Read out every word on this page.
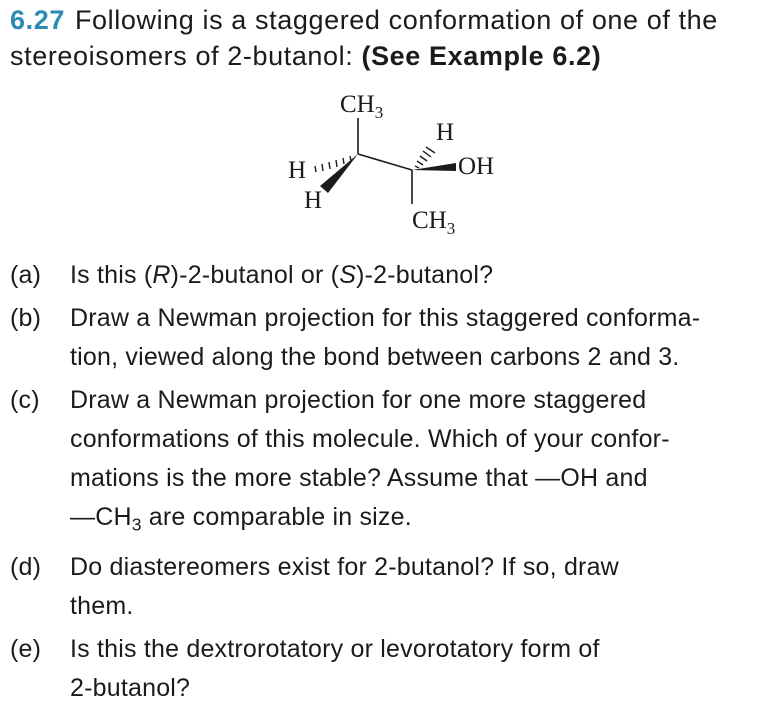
6.27 Following is a staggered conformation of one of the stereoisomers of 2-butanol: (See Example 6.2)
$CH_3$
H
H
H
OH
$CH_3$
(a)	Is this (R)-2-butanol or (S)-2-butanol?
(b)	Draw a Newman projection for this staggered conforma-
tion, viewed along the bond between carbons 2 and 3.
(c)	Draw a Newman projection for one more staggered
conformations of this molecule. Which of your confor-
mations is the more stable? Assume that —OH and
$—CH_3$ are comparable in size.
(d)	Do diastereomers exist for 2-butanol? If so, draw
them.
(e)	Is this the dextrorotatory or levorotatory form of
2-butanol?
